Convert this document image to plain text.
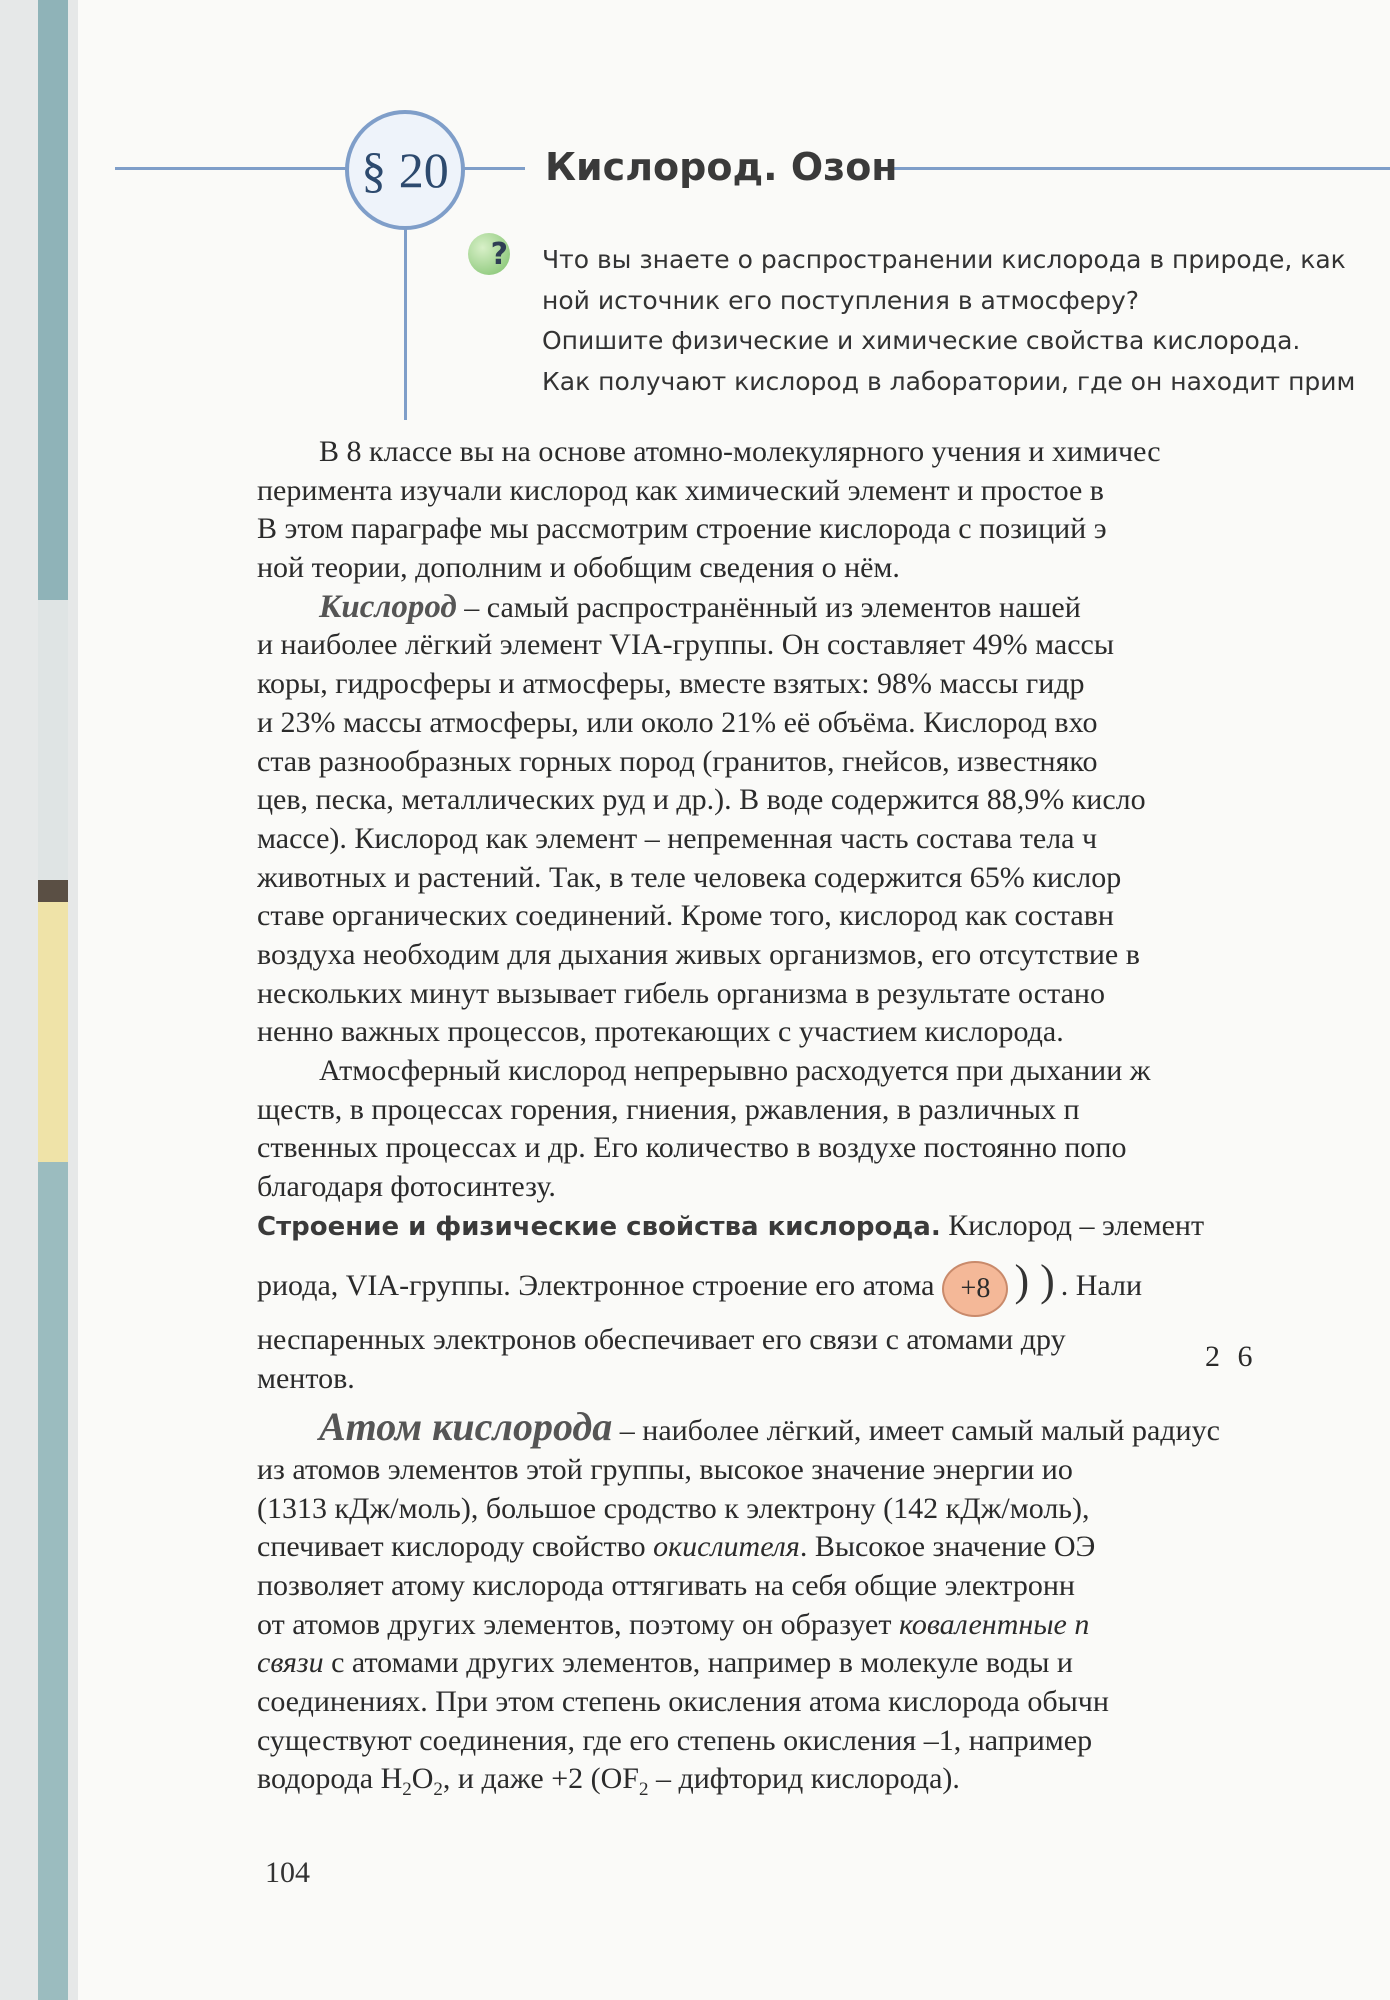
§ 20	Кислород. Озон
? Что вы знаете о распространении кислорода в природе, как
ной источник его поступления в атмосферу?
Опишите физические и химические свойства кислорода.
Как получают кислород в лаборатории, где он находит прим
В 8 классе вы на основе атомно-молекулярного учения и химичес
перимента изучали кислород как химический элемент и простое в
В этом параграфе мы рассмотрим строение кислорода с позиций э
ной теории, дополним и обобщим сведения о нём.
Кислород – самый распространённый из элементов нашей
и наиболее лёгкий элемент VIA-группы. Он составляет 49% массы
коры, гидросферы и атмосферы, вместе взятых: 98% массы гидр
и 23% массы атмосферы, или около 21% её объёма. Кислород вхо
став разнообразных горных пород (гранитов, гнейсов, известняко
цев, песка, металлических руд и др.). В воде содержится 88,9% кисло
массе). Кислород как элемент – непременная часть состава тела ч
животных и растений. Так, в теле человека содержится 65% кислор
ставе органических соединений. Кроме того, кислород как составн
воздуха необходим для дыхания живых организмов, его отсутствие в
нескольких минут вызывает гибель организма в результате остано
ненно важных процессов, протекающих с участием кислорода.
Атмосферный кислород непрерывно расходуется при дыхании ж
ществ, в процессах горения, гниения, ржавления, в различных п
ственных процессах и др. Его количество в воздухе постоянно попо
благодаря фотосинтезу.
Строение и физические свойства кислорода. Кислород – элемент
риода, VIA-группы. Электронное строение его атома +8 ) ) . Нали
неспаренных электронов обеспечивает его связи с атомами дру
ментов.
Атом кислорода – наиболее лёгкий, имеет самый малый радиус
из атомов элементов этой группы, высокое значение энергии ио
(1313 кДж/моль), большое сродство к электрону (142 кДж/моль),
спечивает кислороду свойство окислителя. Высокое значение ОЭ
позволяет атому кислорода оттягивать на себя общие электронн
от атомов других элементов, поэтому он образует ковалентные п
связи с атомами других элементов, например в молекуле воды и
соединениях. При этом степень окисления атома кислорода обычн
существуют соединения, где его степень окисления –1, например
водорода $H_2O_2$, и даже +2 ($OF_2$ – дифторид кислорода).
2 6
104
